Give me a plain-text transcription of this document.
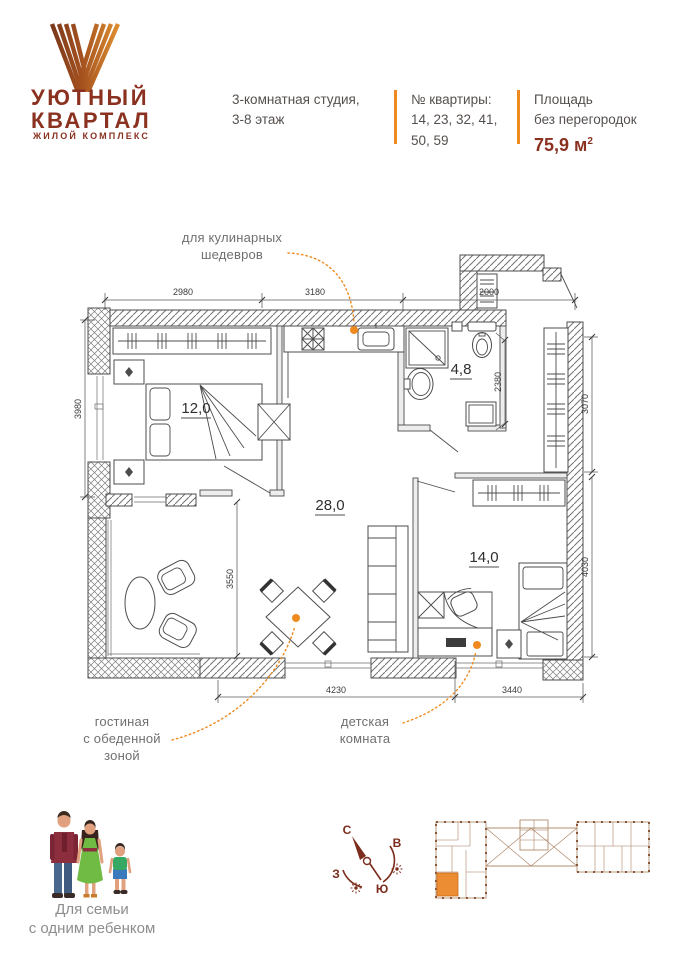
УЮТНЫЙ
КВАРТАЛ
ЖИЛОЙ КОМПЛЕКС
3-комнатная студия,
3-8 этаж
№ квартиры:
14, 23, 32, 41,
50, 59
Площадь
без перегородок
75,9 $м^2$
2980	3180	2000
3980
3550
2380
3070
4030
4230	3440
12,0
28,0
4,8
14,0
для кулинарных
шедевров
гостиная
с обеденной
зоной
детская
комната
Для семьи
с одним ребенком
С
В
З
Ю
